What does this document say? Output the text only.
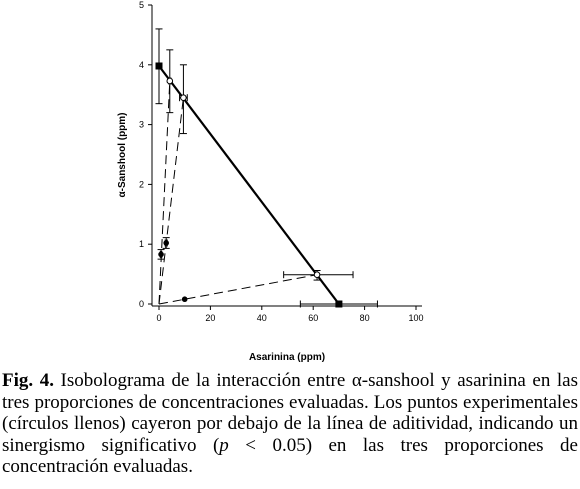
0	20	40	60	80	100
0
1
2
3
4
5
Asarinina (ppm)
α-Sanshool (ppm)

Fig. 4. Isobolograma de la interacción entre α-sanshool y asarinina en las tres proporciones de concentraciones evaluadas. Los puntos experimentales (círculos llenos) cayeron por debajo de la línea de aditividad, indicando un sinergismo significativo (p < 0.05) en las tres proporciones de concentración evaluadas.
